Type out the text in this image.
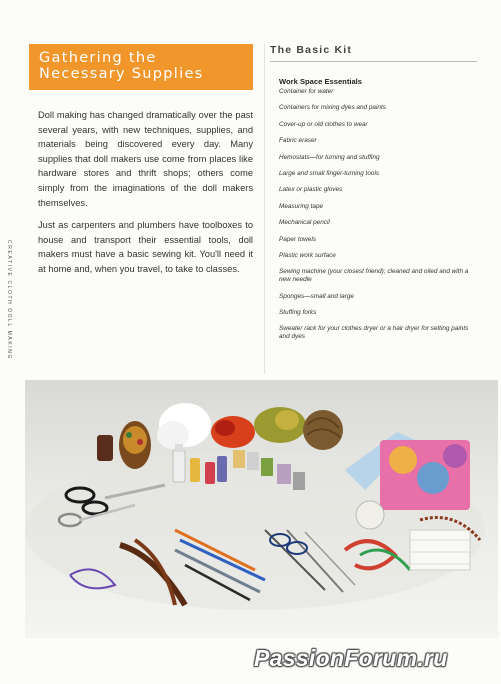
CREATIVE CLOTH DOLL MAKING
Gathering the
Necessary Supplies

Doll making has changed dramatically over the past several years, with new techniques, supplies, and materials being discovered every day. Many supplies that doll makers use come from places like hardware stores and thrift shops; others come simply from the imaginations of the doll makers themselves.

Just as carpenters and plumbers have toolboxes to house and transport their essential tools, doll makers must have a basic sewing kit. You'll need it at home and, when you travel, to take to classes.

The Basic Kit
Work Space Essentials
Container for water
Containers for mixing dyes and paints
Cover-up or old clothes to wear
Fabric eraser
Hemostats—for turning and stuffing
Large and small finger-turning tools
Latex or plastic gloves
Measuring tape
Mechanical pencil
Paper towels
Plastic work surface
Sewing machine (your closest friend); cleaned and oiled and with a new needle
Sponges—small and large
Stuffing forks
Sweater rack for your clothes dryer or a hair dryer for setting paints and dyes
PassionForum.ru
